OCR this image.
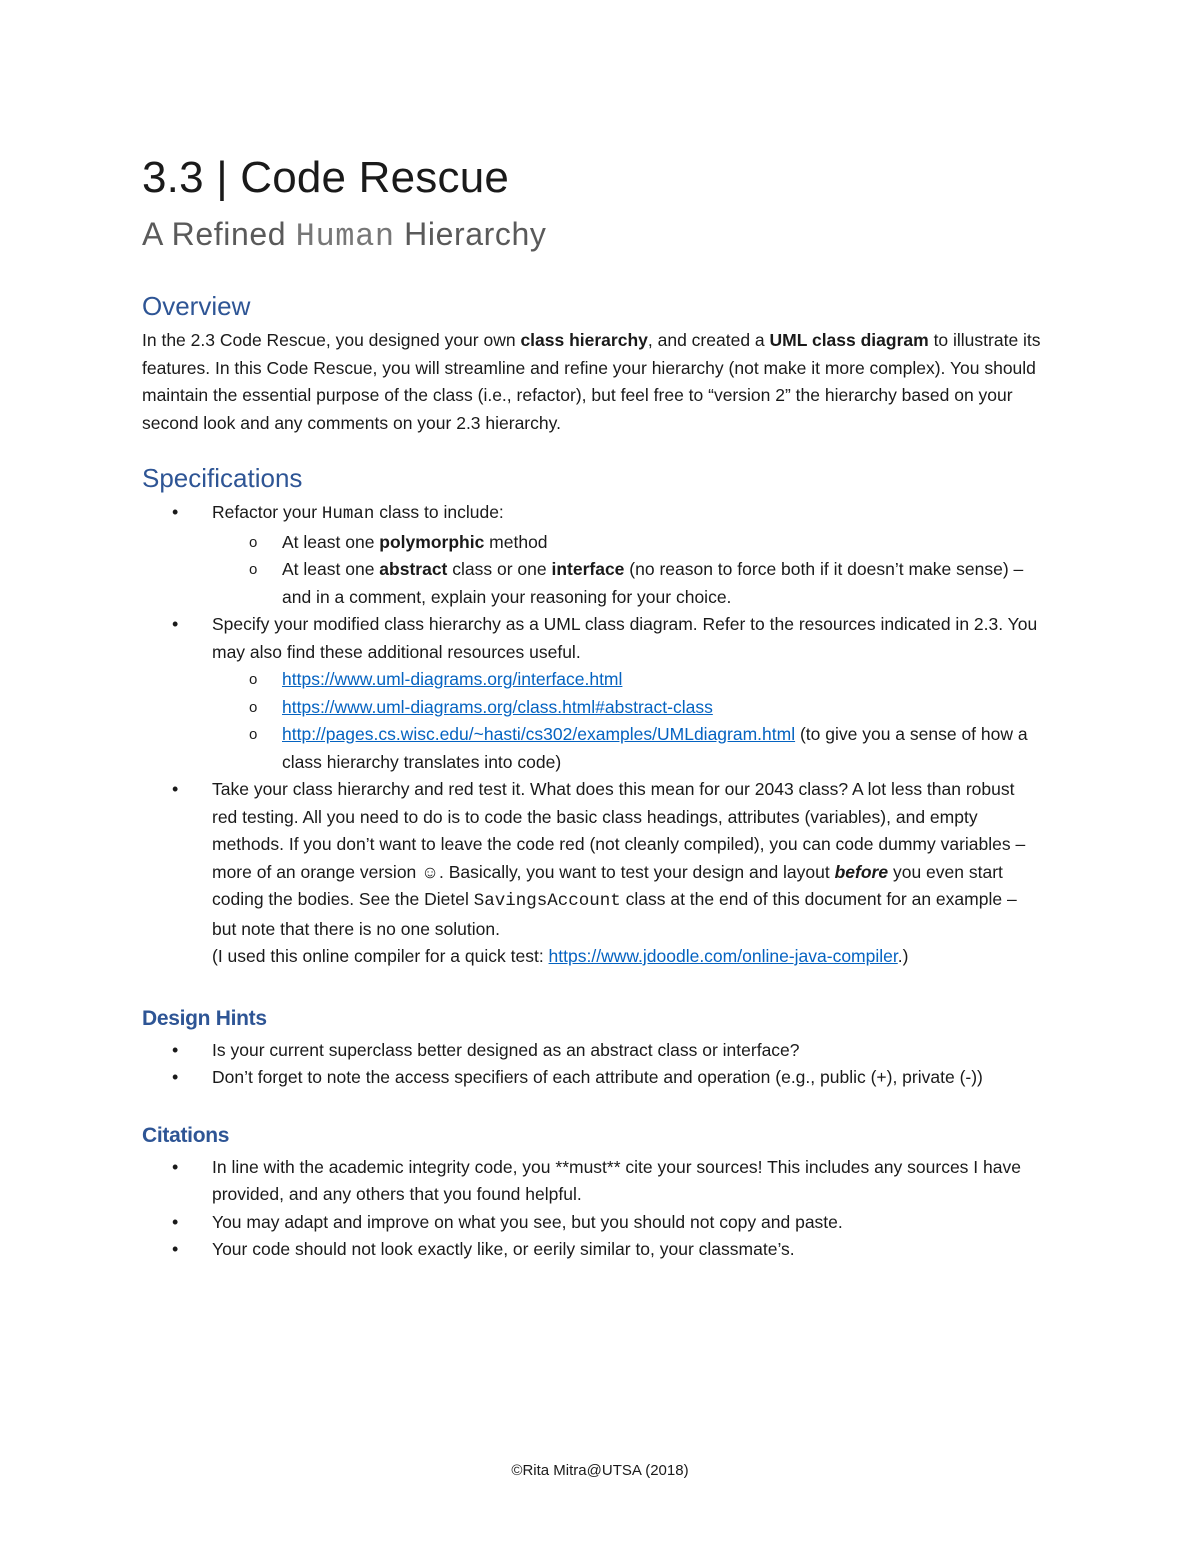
3.3 | Code Rescue
A Refined Human Hierarchy
Overview

In the 2.3 Code Rescue, you designed your own class hierarchy, and created a UML class diagram to illustrate its features. In this Code Rescue, you will streamline and refine your hierarchy (not make it more complex). You should maintain the essential purpose of the class (i.e., refactor), but feel free to “version 2” the hierarchy based on your second look and any comments on your 2.3 hierarchy.

Specifications
• Refactor your Human class to include:
o At least one polymorphic method
o At least one abstract class or one interface (no reason to force both if it doesn’t make sense) – and in a comment, explain your reasoning for your choice.
• Specify your modified class hierarchy as a UML class diagram. Refer to the resources indicated in 2.3. You may also find these additional resources useful.
o https://www.uml-diagrams.org/interface.html
o https://www.uml-diagrams.org/class.html#abstract-class
o http://pages.cs.wisc.edu/~hasti/cs302/examples/UMLdiagram.html (to give you a sense of how a class hierarchy translates into code)
• Take your class hierarchy and red test it. What does this mean for our 2043 class? A lot less than robust red testing. All you need to do is to code the basic class headings, attributes (variables), and empty methods. If you don’t want to leave the code red (not cleanly compiled), you can code dummy variables – more of an orange version ☺. Basically, you want to test your design and layout before you even start coding the bodies. See the Dietel SavingsAccount class at the end of this document for an example – but note that there is no one solution.
(I used this online compiler for a quick test: https://www.jdoodle.com/online-java-compiler.)
Design Hints
• Is your current superclass better designed as an abstract class or interface?
• Don’t forget to note the access specifiers of each attribute and operation (e.g., public (+), private (-))
Citations
• In line with the academic integrity code, you **must** cite your sources! This includes any sources I have provided, and any others that you found helpful.
• You may adapt and improve on what you see, but you should not copy and paste.
• Your code should not look exactly like, or eerily similar to, your classmate’s.
©Rita Mitra@UTSA (2018)
